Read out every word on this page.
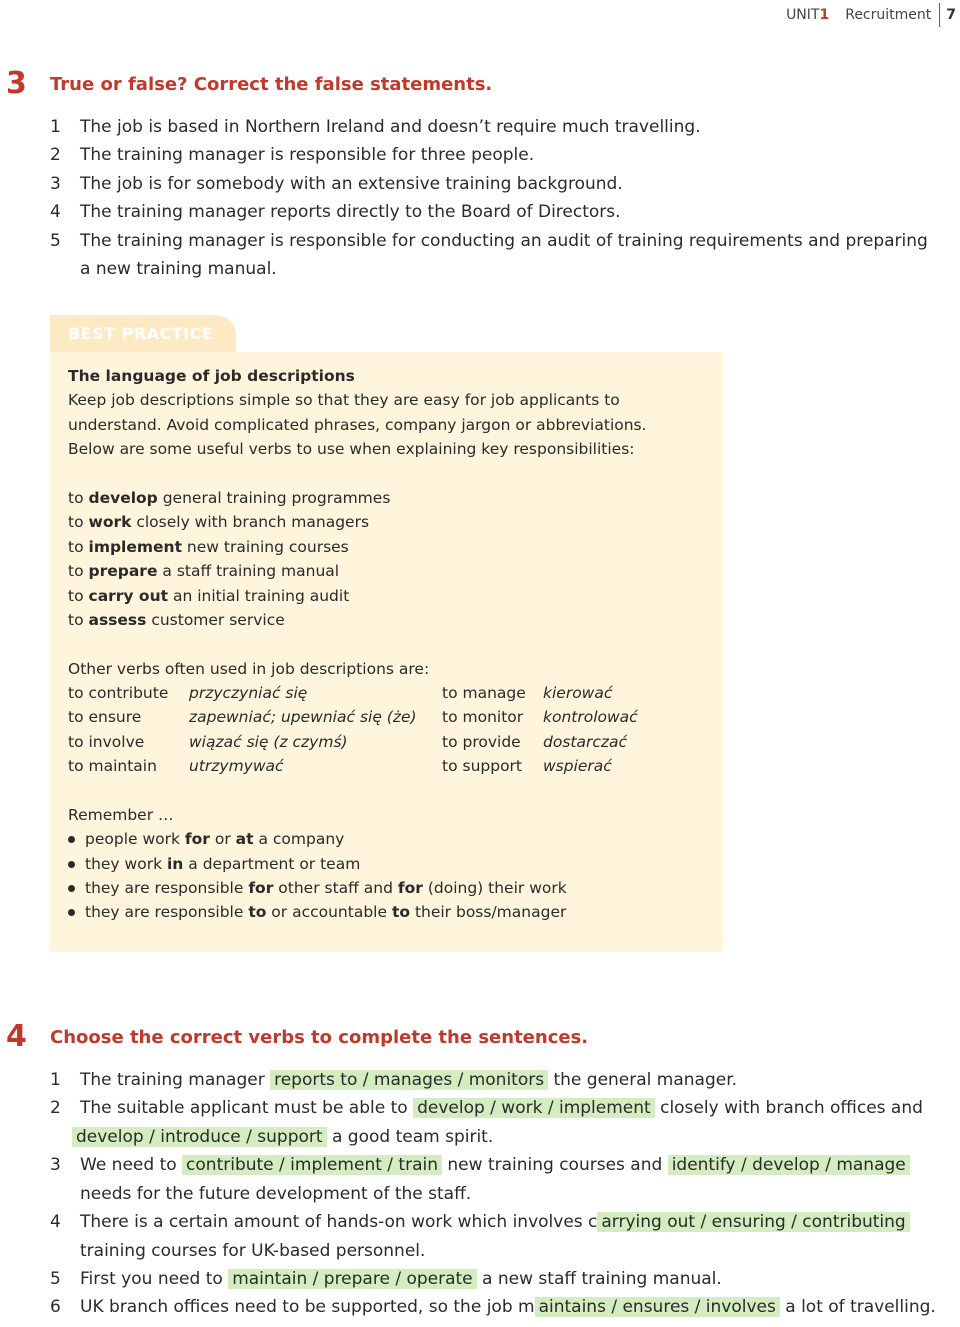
UNIT1 Recruitment 7
3 True or false? Correct the false statements.
1 The job is based in Northern Ireland and doesn’t require much travelling.
2 The training manager is responsible for three people.
3 The job is for somebody with an extensive training background.
4 The training manager reports directly to the Board of Directors.
5 The training manager is responsible for conducting an audit of training requirements and preparing
a new training manual.
BEST PRACTICE
The language of job descriptions
Keep job descriptions simple so that they are easy for job applicants to
understand. Avoid complicated phrases, company jargon or abbreviations.
Below are some useful verbs to use when explaining key responsibilities:
to develop general training programmes
to work closely with branch managers
to implement new training courses
to prepare a staff training manual
to carry out an initial training audit
to assess customer service
Other verbs often used in job descriptions are:
to contribute przyczyniać się	to manage kierować
to ensure	zapewniać; upewniać się (że) to monitor kontrolować
to involve	wiązać się (z czymś)	to provide dostarczać
to maintain utrzymywać	to support wspierać
Remember …
people work for or at a company
they work in a department or team
they are responsible for other staff and for (doing) their work
they are responsible to or accountable to their boss/manager
4 Choose the correct verbs to complete the sentences.
1 The training manager reports to / manages / monitors the general manager.
2 The suitable applicant must be able to develop / work / implement closely with branch offices and
develop / introduce / support a good team spirit.
3 We need to contribute / implement / train new training courses and identify / develop / manage
needs for the future development of the staff.
4 There is a certain amount of hands-on work which involves c arrying out / ensuring / contributing
training courses for UK-based personnel.
5 First you need to maintain / prepare / operate a new staff training manual.
6 UK branch offices need to be supported, so the job m aintains / ensures / involves a lot of travelling.
